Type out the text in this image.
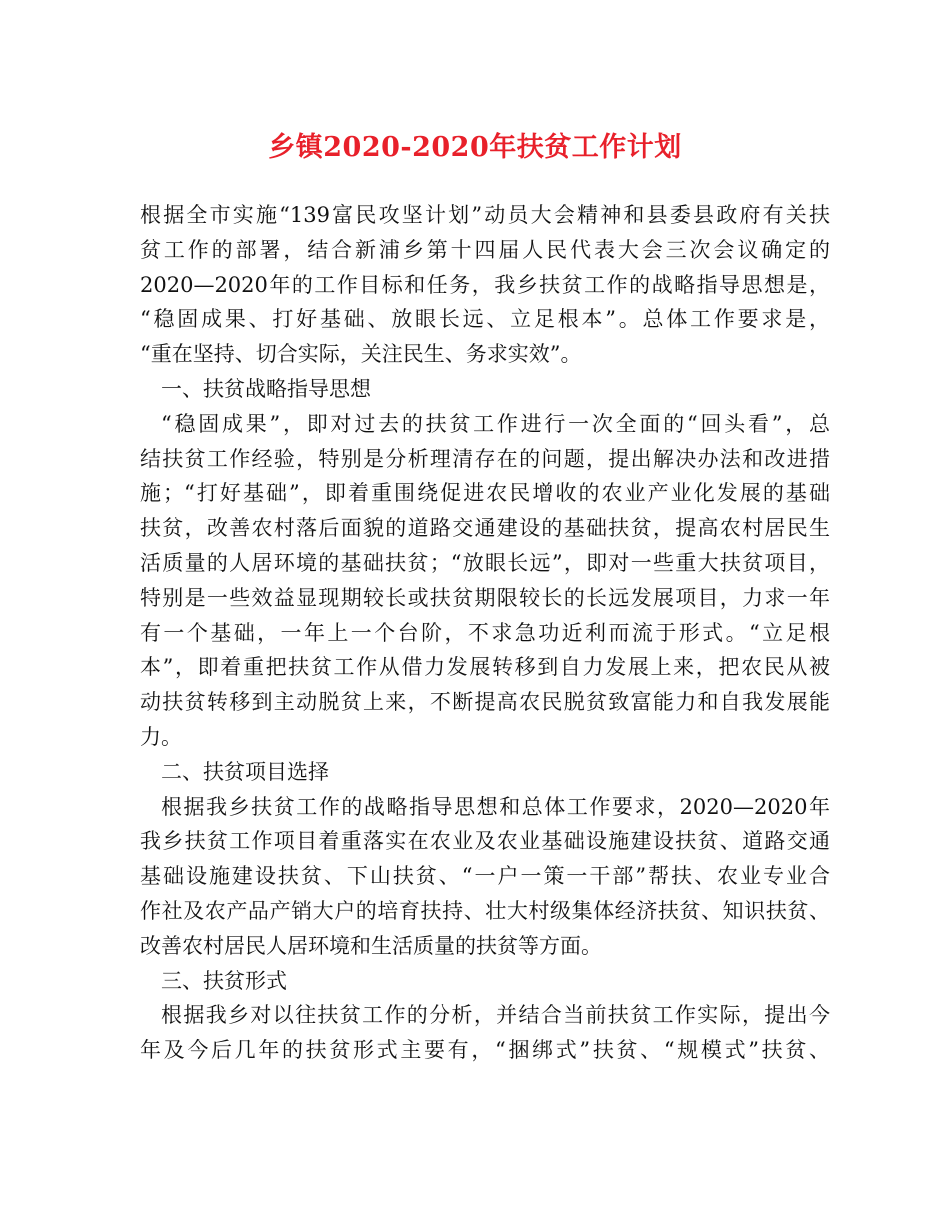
乡镇2020-2020年扶贫工作计划
根据全市实施“139富民攻坚计划”动员大会精神和县委县政府有关扶
贫工作的部署，结合新浦乡第十四届人民代表大会三次会议确定的
2020—2020年的工作目标和任务，我乡扶贫工作的战略指导思想是，
“稳固成果、打好基础、放眼长远、立足根本”。总体工作要求是，
“重在坚持、切合实际，关注民生、务求实效”。
一、扶贫战略指导思想
“稳固成果”，即对过去的扶贫工作进行一次全面的“回头看”，总
结扶贫工作经验，特别是分析理清存在的问题，提出解决办法和改进措
施；“打好基础”，即着重围绕促进农民增收的农业产业化发展的基础
扶贫，改善农村落后面貌的道路交通建设的基础扶贫，提高农村居民生
活质量的人居环境的基础扶贫；“放眼长远”，即对一些重大扶贫项目，
特别是一些效益显现期较长或扶贫期限较长的长远发展项目，力求一年
有一个基础，一年上一个台阶，不求急功近利而流于形式。“立足根
本”，即着重把扶贫工作从借力发展转移到自力发展上来，把农民从被
动扶贫转移到主动脱贫上来，不断提高农民脱贫致富能力和自我发展能
力。
二、扶贫项目选择
根据我乡扶贫工作的战略指导思想和总体工作要求，2020—2020年
我乡扶贫工作项目着重落实在农业及农业基础设施建设扶贫、道路交通
基础设施建设扶贫、下山扶贫、“一户一策一干部”帮扶、农业专业合
作社及农产品产销大户的培育扶持、壮大村级集体经济扶贫、知识扶贫、
改善农村居民人居环境和生活质量的扶贫等方面。
三、扶贫形式
根据我乡对以往扶贫工作的分析，并结合当前扶贫工作实际，提出今
年及今后几年的扶贫形式主要有，“捆绑式”扶贫、“规模式”扶贫、
